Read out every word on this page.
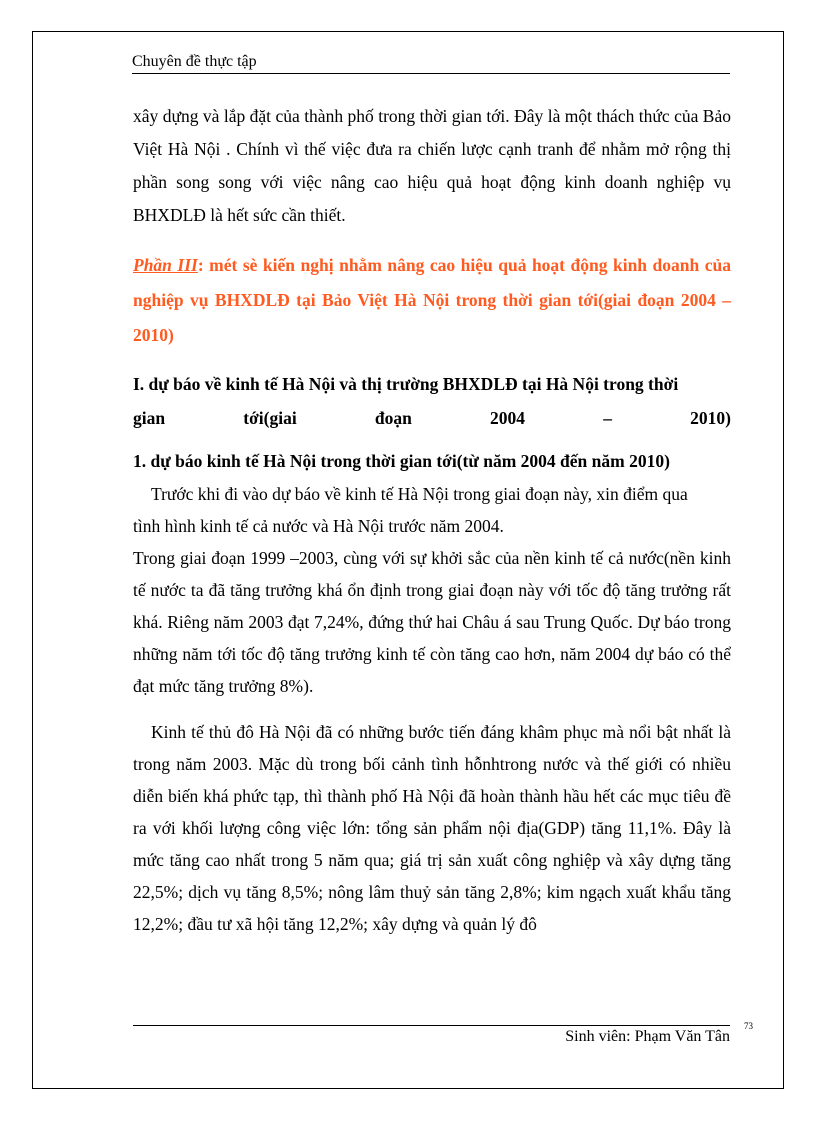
Chuyên đề thực tập

xây dựng và lắp đặt của thành phố trong thời gian tới. Đây là một thách thức của Bảo Việt Hà Nội . Chính vì thế việc đưa ra chiến lược cạnh tranh để nhằm mở rộng thị phần song song với việc nâng cao hiệu quả hoạt động kinh doanh nghiệp vụ BHXDLĐ là hết sức cần thiết.

Phần III: mét sè kiến nghị nhằm nâng cao hiệu quả hoạt động kinh doanh của nghiệp vụ BHXDLĐ tại Bảo Việt Hà Nội trong thời gian tới(giai đoạn 2004 – 2010)

I. dự báo về kinh tế Hà Nội và thị trường BHXDLĐ tại Hà Nội trong thời
gian	tới(giai	đoạn	2004	–	2010)
1. dự báo kinh tế Hà Nội trong thời gian tới(từ năm 2004 đến năm 2010)
Trước khi đi vào dự báo về kinh tế Hà Nội trong giai đoạn này, xin điểm qua
tình hình kinh tế cả nước và Hà Nội trước năm 2004.

Trong giai đoạn 1999 –2003, cùng với sự khởi sắc của nền kinh tế cả nước(nền kinh tế nước ta đã tăng trưởng khá ổn định trong giai đoạn này với tốc độ tăng trưởng rất khá. Riêng năm 2003 đạt 7,24%, đứng thứ hai Châu á sau Trung Quốc. Dự báo trong những năm tới tốc độ tăng trưởng kinh tế còn tăng cao hơn, năm 2004 dự báo có thể đạt mức tăng trưởng 8%).

Kinh tế thủ đô Hà Nội đã có những bước tiến đáng khâm phục mà nổi bật nhất là trong năm 2003. Mặc dù trong bối cảnh tình hỗnhtrong nước và thế giới có nhiều diễn biến khá phức tạp, thì thành phố Hà Nội đã hoàn thành hầu hết các mục tiêu đề ra với khối lượng công việc lớn: tổng sản phẩm nội địa(GDP) tăng 11,1%. Đây là mức tăng cao nhất trong 5 năm qua; giá trị sản xuất công nghiệp và xây dựng tăng 22,5%; dịch vụ tăng 8,5%; nông lâm thuỷ sản tăng 2,8%; kim ngạch xuất khẩu tăng 12,2%; đầu tư xã hội tăng 12,2%; xây dựng và quản lý đô

73
Sinh viên: Phạm Văn Tân
